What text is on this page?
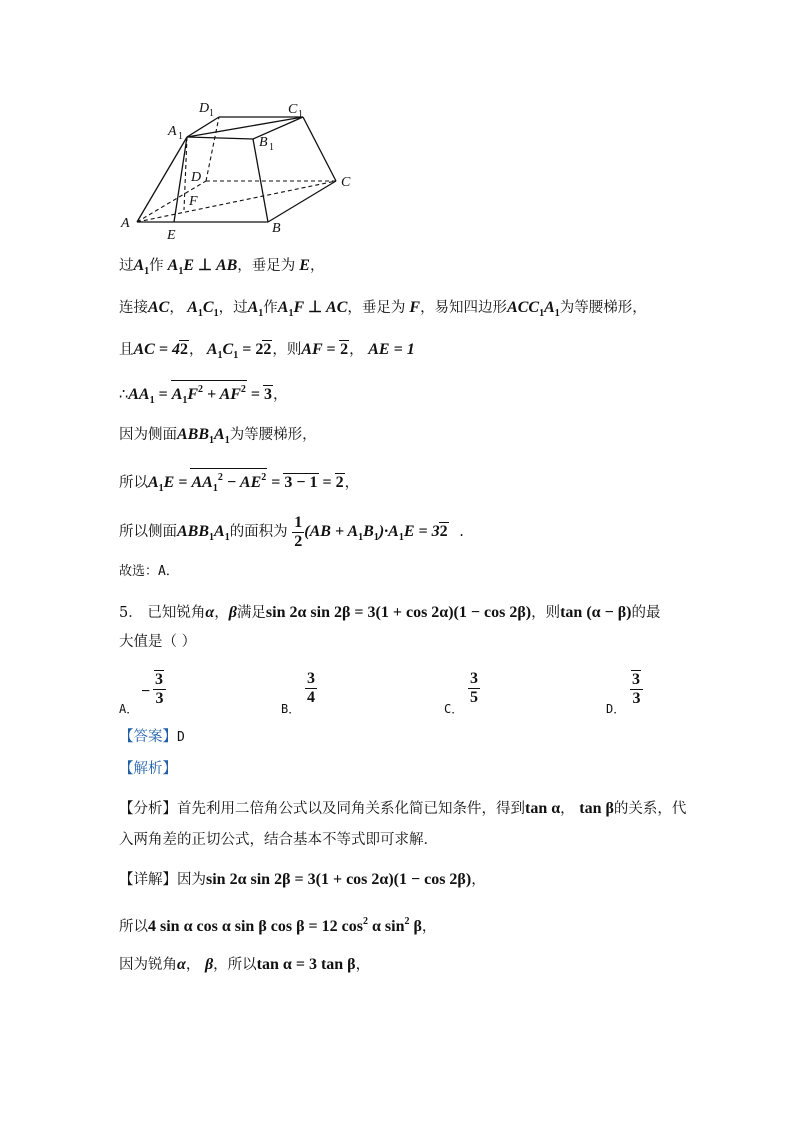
D 1	C 1
A 1	B 1
D	C
F
A	B
E
过$A_1$作 $A_1E$ ⊥ AB，垂足为 E，
连接AC， $A_1C_1$，过$A_1$作$A_1F$ ⊥ AC，垂足为 F，易知四边形$ACC_1A_1$为等腰梯形，
且AC = 42， $A_1C_1 = 22$，则AF = 2， AE = 1
$\therefore AA_1 = A_1F^2 + AF^2 = 3$，
因为侧面$ABB_1A_1$为等腰梯形，
所以$A_1E = AA_1^2 - AE^2 = 3 - 1 = 2$，
所以侧面$ABB_1A_1$的面积为 $\frac{1}{2} (AB + A_1B_1)\cdot A_1E = 32$ .
故选：A．
5． 已知锐角α，β满足sin 2α sin 2β = 3(1 + cos 2α)(1 − cos 2β)，则tan (α − β)的最
大值是（ ）
A．
− $\frac{3}{3}$
B．
$\frac{3}{4}$
C．
$\frac{3}{5}$
D．
$\frac{3}{3}$
【答案】D
【解析】
【分析】首先利用二倍角公式以及同角关系化简已知条件，得到tan α， tan β的关系，代
入两角差的正切公式，结合基本不等式即可求解．
【详解】因为sin 2α sin 2β = 3(1 + cos 2α)(1 − cos 2β)，
所以4 sin α cos α sin β cos β = 12 $\cos^2 \alpha$ $\sin^2 \beta$，
因为锐角α， β，所以tan α = 3 tan β，
